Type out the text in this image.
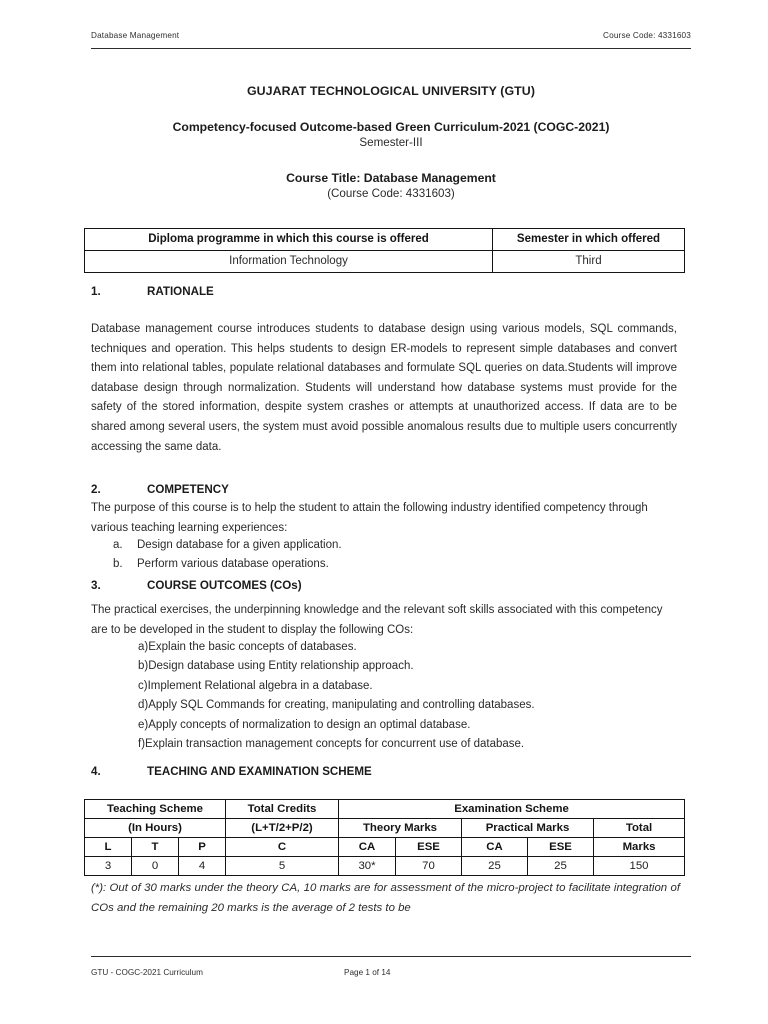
Database Management	Course Code: 4331603
GUJARAT TECHNOLOGICAL UNIVERSITY (GTU)
Competency-focused Outcome-based Green Curriculum-2021 (COGC-2021)
Semester-III
Course Title: Database Management
(Course Code: 4331603)
Diploma programme in which this course is offered	Semester in which offered
Information Technology	Third
1.	RATIONALE
Database management course introduces students to database design using various models, SQL commands, techniques and operation. This helps students to design ER-models to represent simple databases and convert them into relational tables, populate relational databases and formulate SQL queries on data.Students will improve database design through normalization. Students will understand how database systems must provide for the safety of the stored information, despite system crashes or attempts at unauthorized access. If data are to be shared among several users, the system must avoid possible anomalous results due to multiple users concurrently accessing the same data.
2.	COMPETENCY
The purpose of this course is to help the student to attain the following industry identified competency through various teaching learning experiences:
a.	Design database for a given application.
b.	Perform various database operations.
3.	COURSE OUTCOMES (COs)
The practical exercises, the underpinning knowledge and the relevant soft skills associated with this competency are to be developed in the student to display the following COs:
a)Explain the basic concepts of databases.
b)Design database using Entity relationship approach.
c)Implement Relational algebra in a database.
d)Apply SQL Commands for creating, manipulating and controlling databases.
e)Apply concepts of normalization to design an optimal database.
f)Explain transaction management concepts for concurrent use of database.
4.	TEACHING AND EXAMINATION SCHEME
Teaching Scheme			Total Credits	Examination Scheme				
(In Hours)			(L+T/2+P/2)	Theory Marks		Practical Marks		Total
L	T	P	C	CA	ESE	CA	ESE	Marks
3	0	4	5	30*	70	25	25	150
(*): Out of 30 marks under the theory CA, 10 marks are for assessment of the micro-project to facilitate integration of COs and the remaining 20 marks is the average of 2 tests to be
GTU - COGC-2021 Curriculum	Page 1 of 14
